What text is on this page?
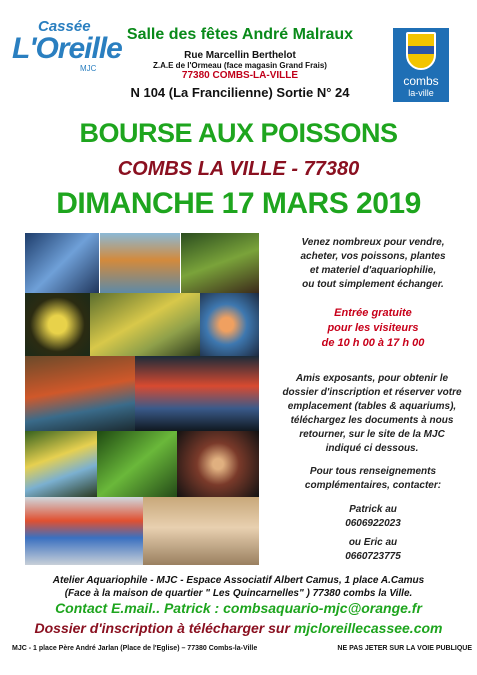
Cassée
L'Oreille
MJC
Salle des fêtes André Malraux
Rue Marcellin Berthelot
Z.A.E de l'Ormeau (face magasin Grand Frais)
77380 COMBS-LA-VILLE
N 104 (La Francilienne) Sortie N° 24
combs
la-ville
BOURSE AUX POISSONS
COMBS LA VILLE - 77380
DIMANCHE 17 MARS 2019
Venez nombreux pour vendre,
acheter, vos poissons, plantes
et materiel d'aquariophilie,
ou tout simplement échanger.
Entrée gratuite
pour les visiteurs
de 10 h 00 à 17 h 00
Amis exposants, pour obtenir le
dossier d'inscription et réserver votre
emplacement (tables & aquariums),
téléchargez les documents à nous
retourner, sur le site de la MJC
indiqué ci dessous.
Pour tous renseignements
complémentaires, contacter:
Patrick au
0606922023
ou Eric au
0660723775
Atelier Aquariophile - MJC - Espace Associatif Albert Camus, 1 place A.Camus
(Face à la maison de quartier " Les Quincarnelles" ) 77380 combs la Ville.
Contact E.mail.. Patrick : combsaquario-mjc@orange.fr
Dossier d'inscription à télécharger sur mjcloreillecassee.com
MJC - 1 place Père André Jarlan (Place de l'Eglise) – 77380 Combs-la-Ville	NE PAS JETER SUR LA VOIE PUBLIQUE
